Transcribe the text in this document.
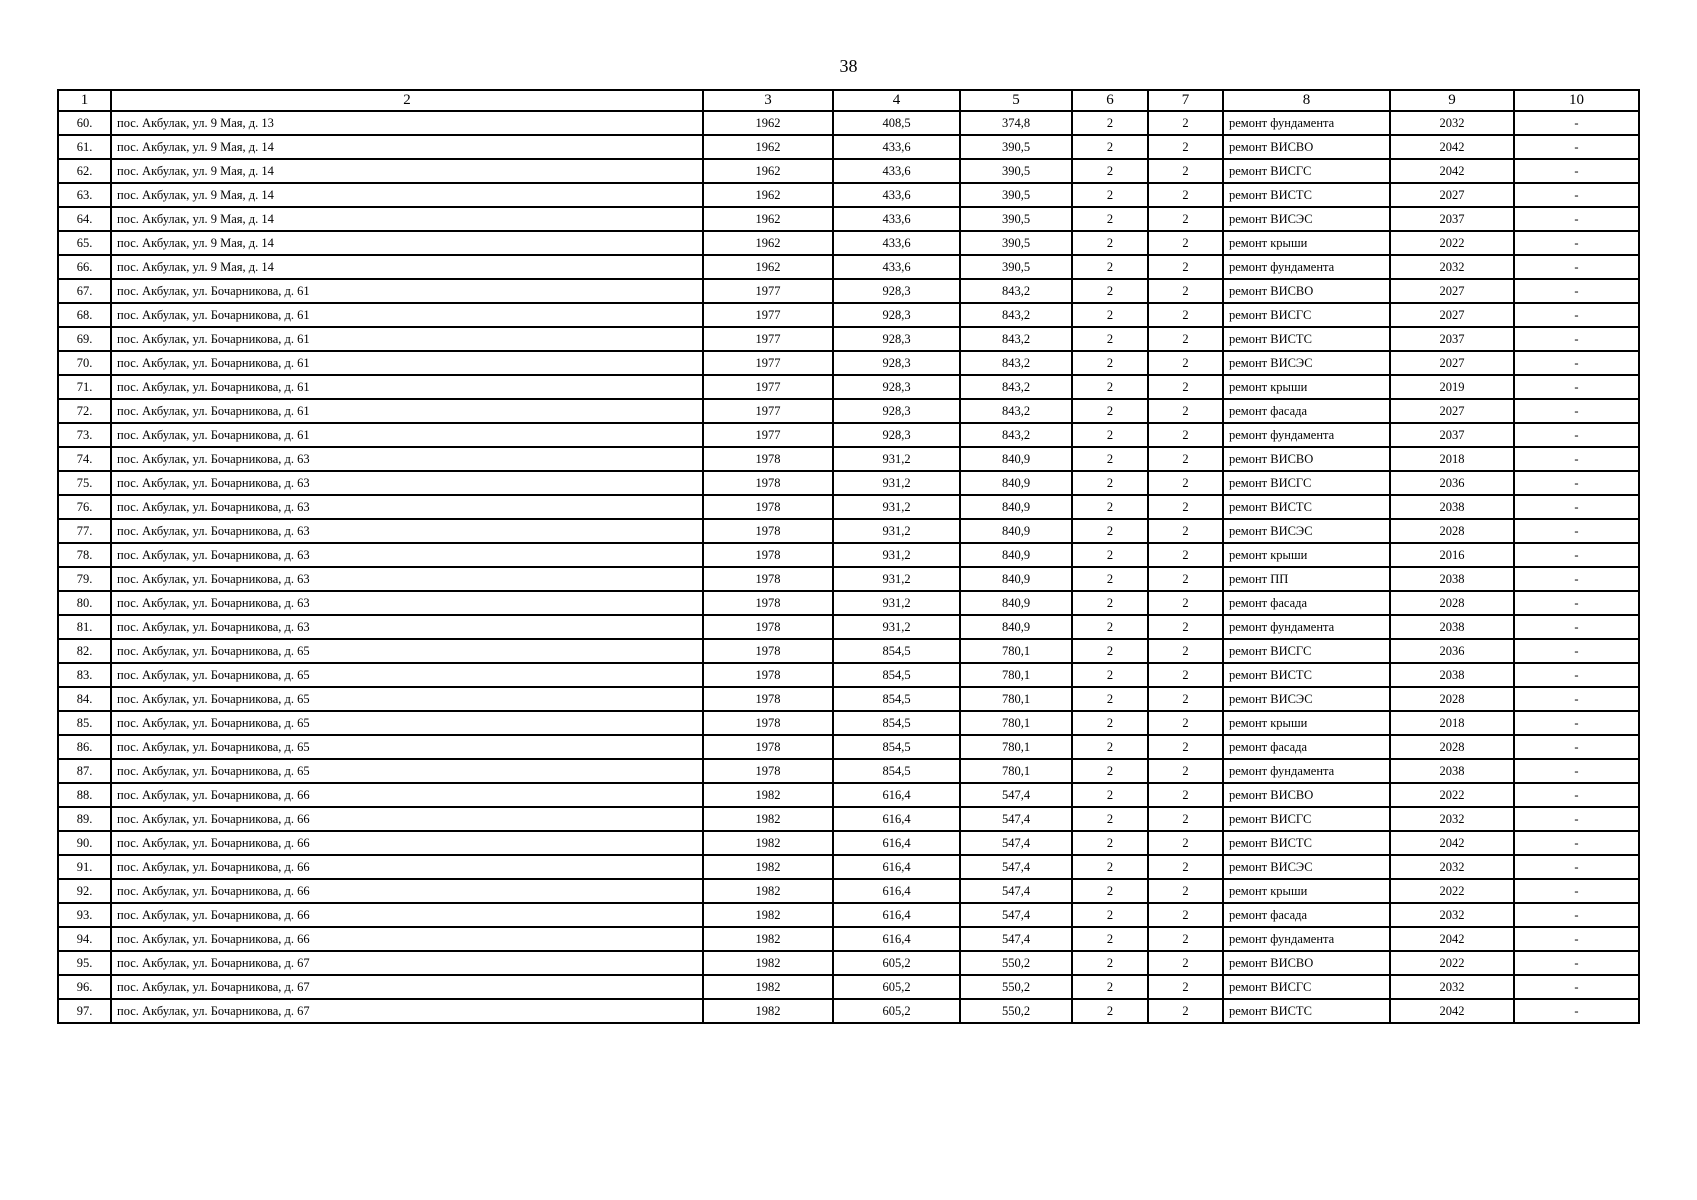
38
1	2	3	4	5	6	7	8	9	10
60.	пос. Акбулак, ул. 9 Мая, д. 13	1962	408,5	374,8	2	2	ремонт фундамента	2032	-
61.	пос. Акбулак, ул. 9 Мая, д. 14	1962	433,6	390,5	2	2	ремонт ВИСВО	2042	-
62.	пос. Акбулак, ул. 9 Мая, д. 14	1962	433,6	390,5	2	2	ремонт ВИСГС	2042	-
63.	пос. Акбулак, ул. 9 Мая, д. 14	1962	433,6	390,5	2	2	ремонт ВИСТС	2027	-
64.	пос. Акбулак, ул. 9 Мая, д. 14	1962	433,6	390,5	2	2	ремонт ВИСЭС	2037	-
65.	пос. Акбулак, ул. 9 Мая, д. 14	1962	433,6	390,5	2	2	ремонт крыши	2022	-
66.	пос. Акбулак, ул. 9 Мая, д. 14	1962	433,6	390,5	2	2	ремонт фундамента	2032	-
67.	пос. Акбулак, ул. Бочарникова, д. 61	1977	928,3	843,2	2	2	ремонт ВИСВО	2027	-
68.	пос. Акбулак, ул. Бочарникова, д. 61	1977	928,3	843,2	2	2	ремонт ВИСГС	2027	-
69.	пос. Акбулак, ул. Бочарникова, д. 61	1977	928,3	843,2	2	2	ремонт ВИСТС	2037	-
70.	пос. Акбулак, ул. Бочарникова, д. 61	1977	928,3	843,2	2	2	ремонт ВИСЭС	2027	-
71.	пос. Акбулак, ул. Бочарникова, д. 61	1977	928,3	843,2	2	2	ремонт крыши	2019	-
72.	пос. Акбулак, ул. Бочарникова, д. 61	1977	928,3	843,2	2	2	ремонт фасада	2027	-
73.	пос. Акбулак, ул. Бочарникова, д. 61	1977	928,3	843,2	2	2	ремонт фундамента	2037	-
74.	пос. Акбулак, ул. Бочарникова, д. 63	1978	931,2	840,9	2	2	ремонт ВИСВО	2018	-
75.	пос. Акбулак, ул. Бочарникова, д. 63	1978	931,2	840,9	2	2	ремонт ВИСГС	2036	-
76.	пос. Акбулак, ул. Бочарникова, д. 63	1978	931,2	840,9	2	2	ремонт ВИСТС	2038	-
77.	пос. Акбулак, ул. Бочарникова, д. 63	1978	931,2	840,9	2	2	ремонт ВИСЭС	2028	-
78.	пос. Акбулак, ул. Бочарникова, д. 63	1978	931,2	840,9	2	2	ремонт крыши	2016	-
79.	пос. Акбулак, ул. Бочарникова, д. 63	1978	931,2	840,9	2	2	ремонт ПП	2038	-
80.	пос. Акбулак, ул. Бочарникова, д. 63	1978	931,2	840,9	2	2	ремонт фасада	2028	-
81.	пос. Акбулак, ул. Бочарникова, д. 63	1978	931,2	840,9	2	2	ремонт фундамента	2038	-
82.	пос. Акбулак, ул. Бочарникова, д. 65	1978	854,5	780,1	2	2	ремонт ВИСГС	2036	-
83.	пос. Акбулак, ул. Бочарникова, д. 65	1978	854,5	780,1	2	2	ремонт ВИСТС	2038	-
84.	пос. Акбулак, ул. Бочарникова, д. 65	1978	854,5	780,1	2	2	ремонт ВИСЭС	2028	-
85.	пос. Акбулак, ул. Бочарникова, д. 65	1978	854,5	780,1	2	2	ремонт крыши	2018	-
86.	пос. Акбулак, ул. Бочарникова, д. 65	1978	854,5	780,1	2	2	ремонт фасада	2028	-
87.	пос. Акбулак, ул. Бочарникова, д. 65	1978	854,5	780,1	2	2	ремонт фундамента	2038	-
88.	пос. Акбулак, ул. Бочарникова, д. 66	1982	616,4	547,4	2	2	ремонт ВИСВО	2022	-
89.	пос. Акбулак, ул. Бочарникова, д. 66	1982	616,4	547,4	2	2	ремонт ВИСГС	2032	-
90.	пос. Акбулак, ул. Бочарникова, д. 66	1982	616,4	547,4	2	2	ремонт ВИСТС	2042	-
91.	пос. Акбулак, ул. Бочарникова, д. 66	1982	616,4	547,4	2	2	ремонт ВИСЭС	2032	-
92.	пос. Акбулак, ул. Бочарникова, д. 66	1982	616,4	547,4	2	2	ремонт крыши	2022	-
93.	пос. Акбулак, ул. Бочарникова, д. 66	1982	616,4	547,4	2	2	ремонт фасада	2032	-
94.	пос. Акбулак, ул. Бочарникова, д. 66	1982	616,4	547,4	2	2	ремонт фундамента	2042	-
95.	пос. Акбулак, ул. Бочарникова, д. 67	1982	605,2	550,2	2	2	ремонт ВИСВО	2022	-
96.	пос. Акбулак, ул. Бочарникова, д. 67	1982	605,2	550,2	2	2	ремонт ВИСГС	2032	-
97.	пос. Акбулак, ул. Бочарникова, д. 67	1982	605,2	550,2	2	2	ремонт ВИСТС	2042	-
